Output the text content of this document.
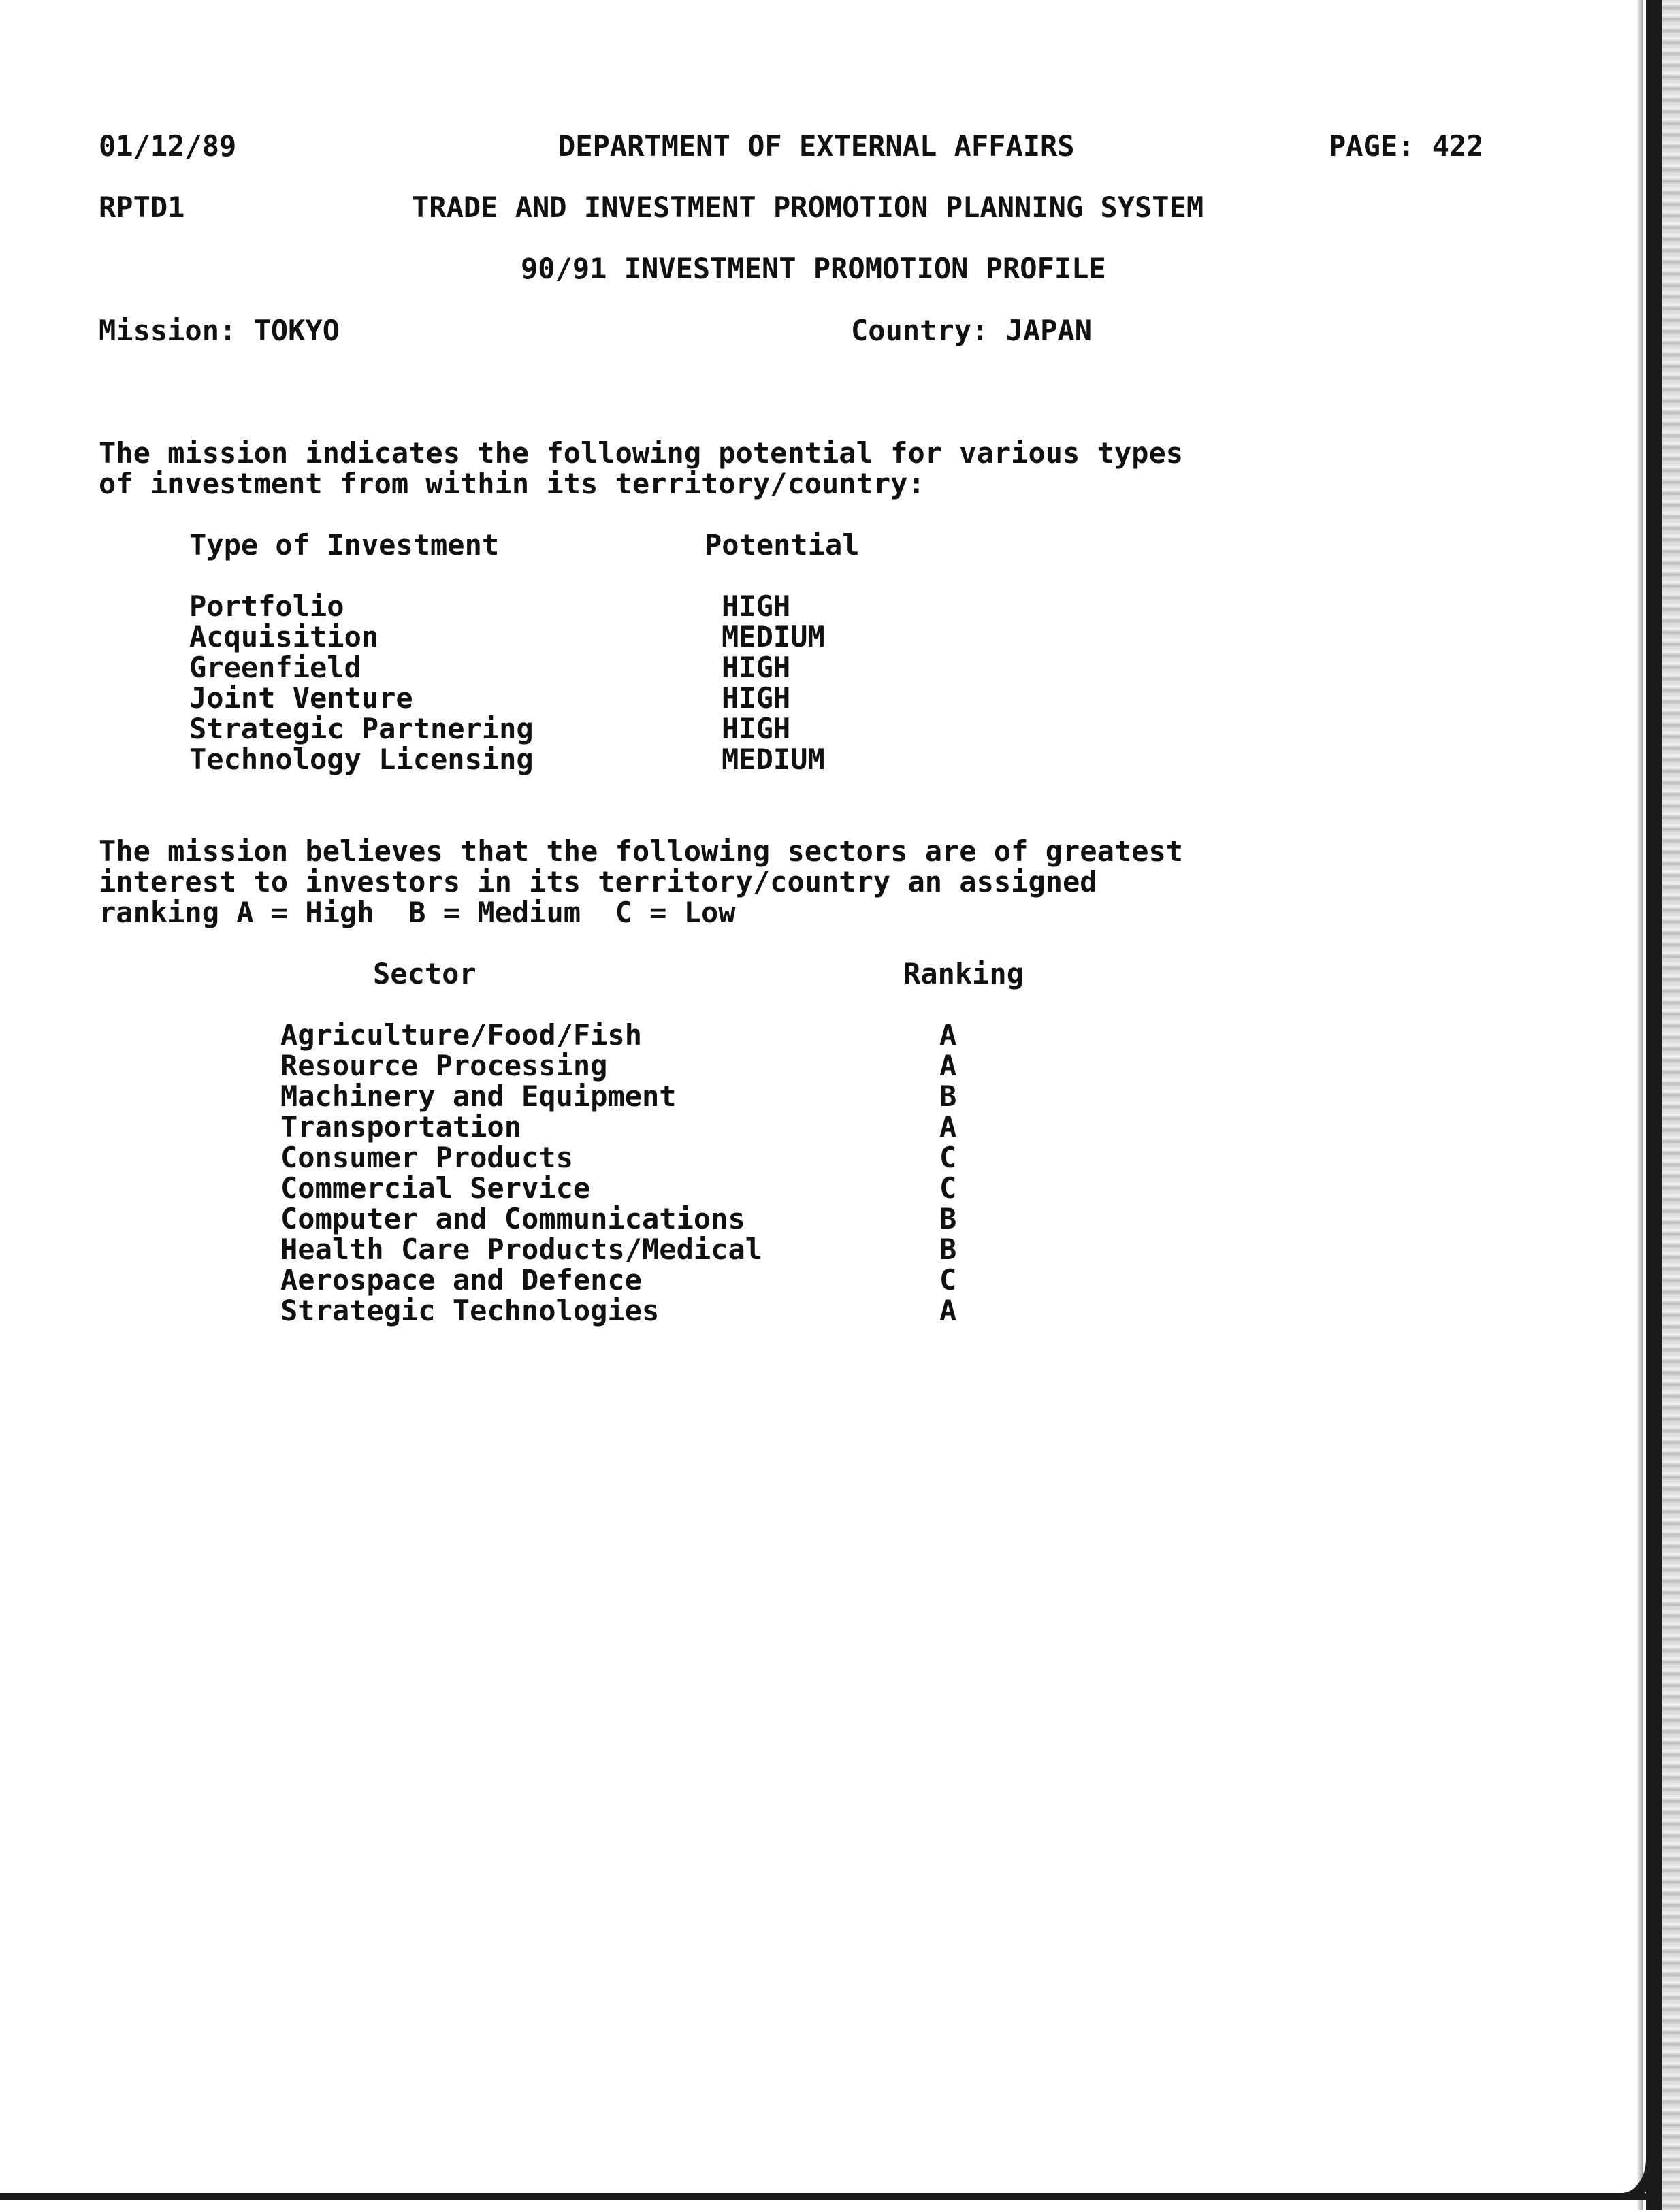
01/12/89	DEPARTMENT OF EXTERNAL AFFAIRS	PAGE: 422
RPTD1	TRADE AND INVESTMENT PROMOTION PLANNING SYSTEM
90/91 INVESTMENT PROMOTION PROFILE
Mission: TOKYO	Country: JAPAN
The mission indicates the following potential for various types
of investment from within its territory/country:
Type of Investment	Potential
Portfolio	HIGH
Acquisition	MEDIUM
Greenfield	HIGH
Joint Venture	HIGH
Strategic Partnering	HIGH
Technology Licensing	MEDIUM
The mission believes that the following sectors are of greatest
interest to investors in its territory/country an assigned
ranking A = High  B = Medium  C = Low
Sector	Ranking
Agriculture/Food/Fish	A
Resource Processing	A
Machinery and Equipment	B
Transportation	A
Consumer Products	C
Commercial Service	C
Computer and Communications	B
Health Care Products/Medical	B
Aerospace and Defence	C
Strategic Technologies	A
